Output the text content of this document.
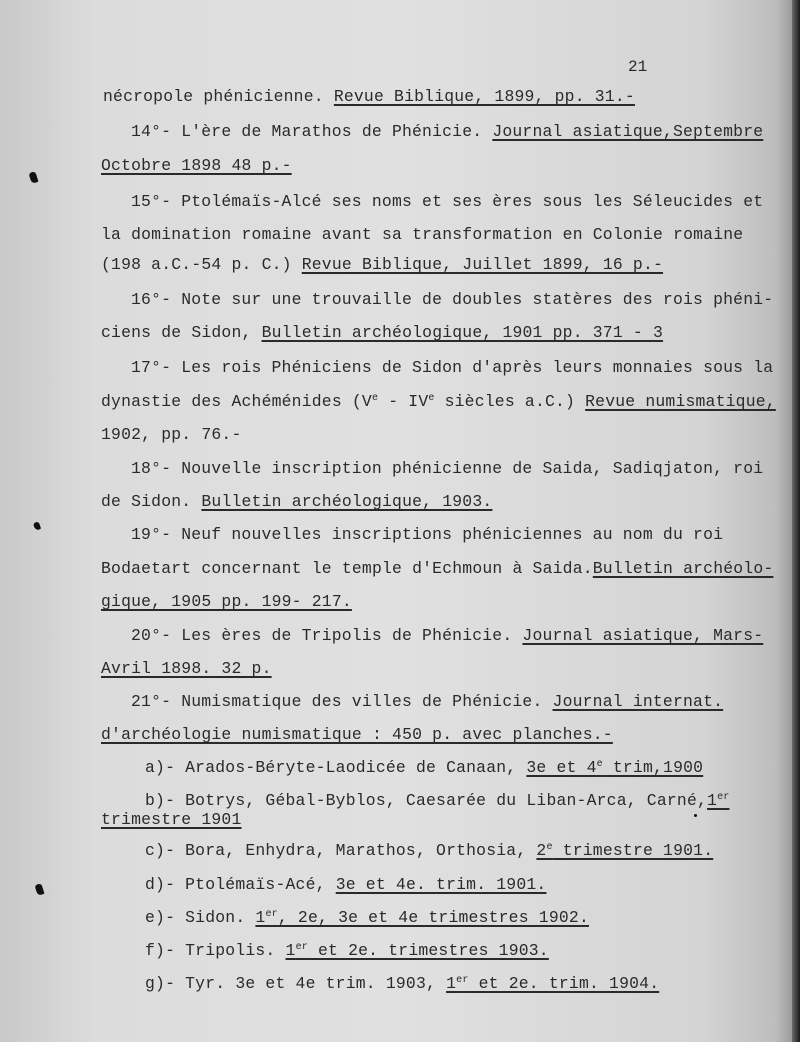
21
nécropole phénicienne. Revue Biblique, 1899, pp. 31.-
14°- L'ère de Marathos de Phénicie. Journal asiatique,Septembre
Octobre 1898 48 p.-
15°- Ptolémaïs-Alcé ses noms et ses ères sous les Séleucides et
la domination romaine avant sa transformation en Colonie romaine
(198 a.C.-54 p. C.) Revue Biblique, Juillet 1899, 16 p.-
16°- Note sur une trouvaille de doubles statères des rois phéni-
ciens de Sidon, Bulletin archéologique, 1901 pp. 371 - 3
17°- Les rois Phéniciens de Sidon d'après leurs monnaies sous la
dynastie des Achéménides (Ve - IVe siècles a.C.) Revue numismatique,
1902, pp. 76.-
18°- Nouvelle inscription phénicienne de Saida, Sadiqjaton, roi
de Sidon. Bulletin archéologique, 1903.
19°- Neuf nouvelles inscriptions phéniciennes au nom du roi
Bodaetart concernant le temple d'Echmoun à Saida.Bulletin archéolo-
gique, 1905 pp. 199- 217.
20°- Les ères de Tripolis de Phénicie. Journal asiatique, Mars-
Avril 1898. 32 p.
21°- Numismatique des villes de Phénicie. Journal internat.
d'archéologie numismatique : 450 p. avec planches.-
a)- Arados-Béryte-Laodicée de Canaan, 3e et 4e trim,1900
b)- Botrys, Gébal-Byblos, Caesarée du Liban-Arca, Carné,1er
trimestre 1901
c)- Bora, Enhydra, Marathos, Orthosia, 2e trimestre 1901.
d)- Ptolémaïs-Acé, 3e et 4e. trim. 1901.
e)- Sidon. 1er, 2e, 3e et 4e trimestres 1902.
f)- Tripolis. 1er et 2e. trimestres 1903.
g)- Tyr. 3e et 4e trim. 1903, 1er et 2e. trim. 1904.
